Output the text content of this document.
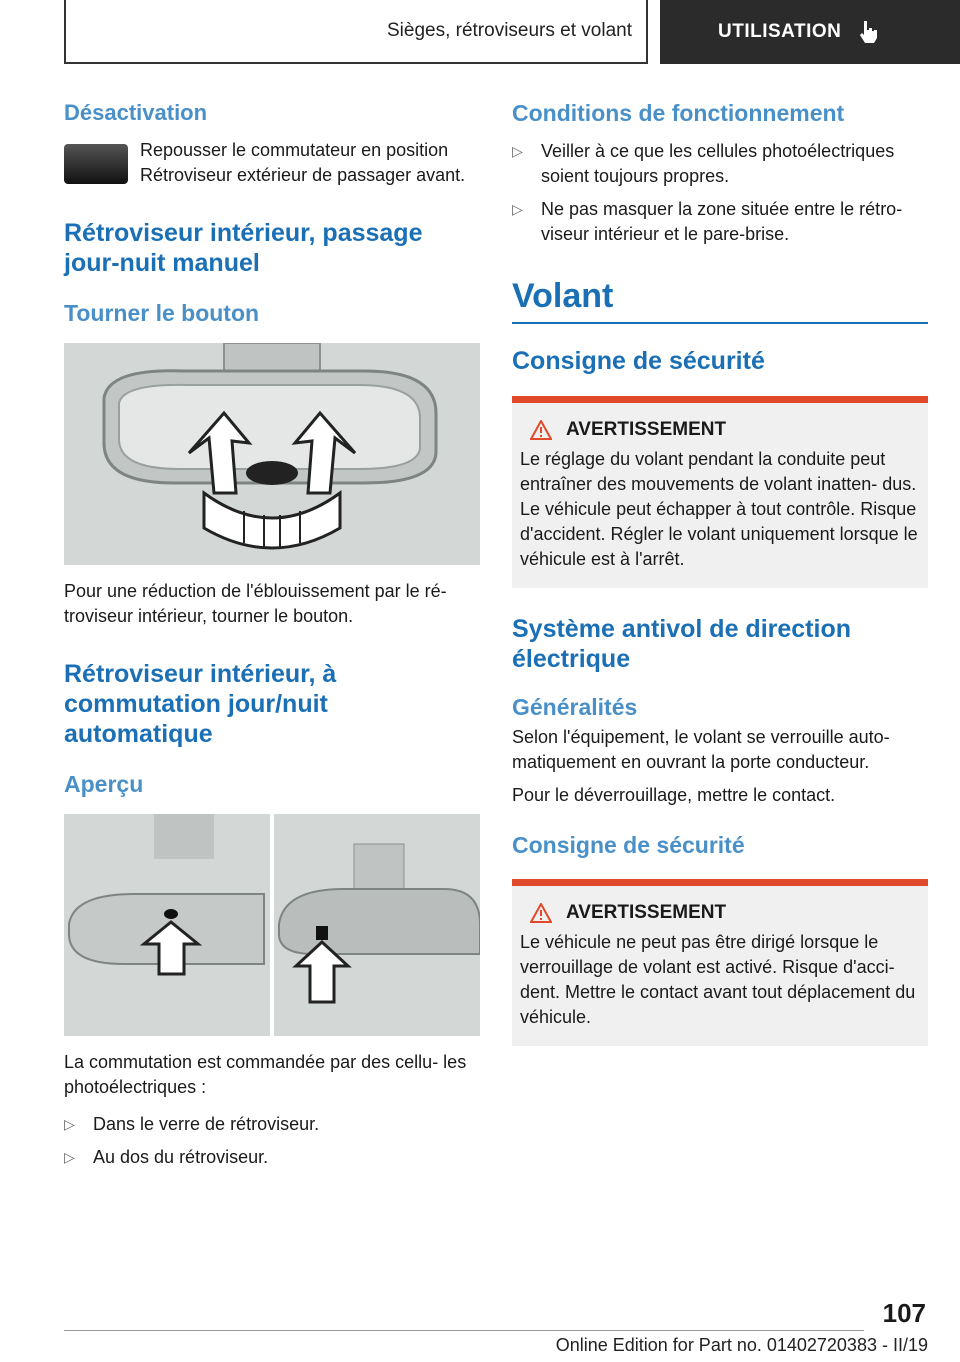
Sièges, rétroviseurs et volant	UTILISATION
Désactivation

Repousser le commutateur en position Rétroviseur extérieur de passager avant.

Rétroviseur intérieur, passage jour-nuit manuel
Tourner le bouton

Pour une réduction de l'éblouissement par le ré‐ troviseur intérieur, tourner le bouton.

Rétroviseur intérieur, à commutation jour/nuit automatique
Aperçu

La commutation est commandée par des cellu‐ les photoélectriques :

▷ Dans le verre de rétroviseur.
▷ Au dos du rétroviseur.
Conditions de fonctionnement
▷ Veiller à ce que les cellules photoélectriques soient toujours propres.
▷ Ne pas masquer la zone située entre le rétro‐ viseur intérieur et le pare-brise.
Volant
Consigne de sécurité
AVERTISSEMENT

Le réglage du volant pendant la conduite peut entraîner des mouvements de volant inatten‐ dus. Le véhicule peut échapper à tout contrôle. Risque d'accident. Régler le volant uniquement lorsque le véhicule est à l'arrêt.

Système antivol de direction électrique
Généralités

Selon l'équipement, le volant se verrouille auto‐ matiquement en ouvrant la porte conducteur.

Pour le déverrouillage, mettre le contact.

Consigne de sécurité
AVERTISSEMENT

Le véhicule ne peut pas être dirigé lorsque le verrouillage de volant est activé. Risque d'acci‐ dent. Mettre le contact avant tout déplacement du véhicule.

107
Online Edition for Part no. 01402720383 - II/19
